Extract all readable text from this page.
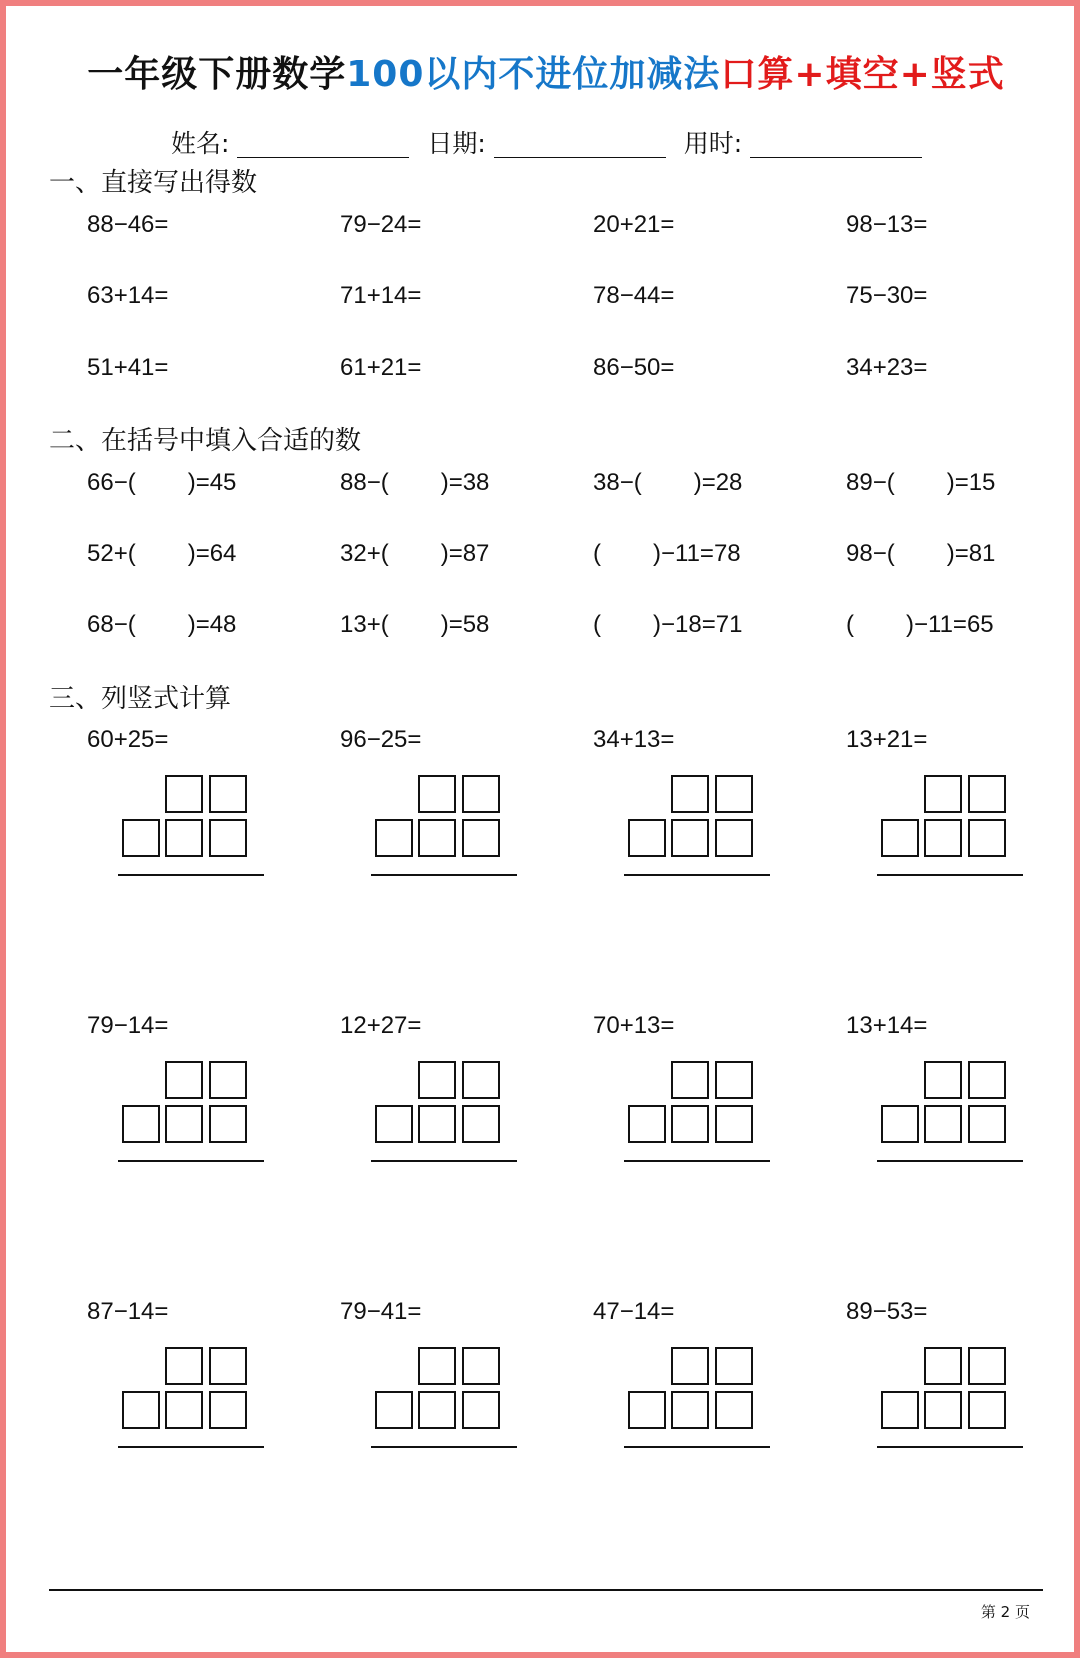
一年级下册数学100以内不进位加减法口算+填空+竖式
姓名:	日期:	用时:
一、直接写出得数
88−46=	79−24=	20+21=	98−13=
63+14=	71+14=	78−44=	75−30=
51+41=	61+21=	86−50=	34+23=
二、在括号中填入合适的数
66−( )=45	88−( )=38	38−( )=28	89−( )=15
52+( )=64	32+( )=87	( )−11=78	98−( )=81
68−( )=48	13+( )=58	( )−18=71	( )−11=65
三、列竖式计算
60+25=	96−25=	34+13=	13+21=
79−14=	12+27=	70+13=	13+14=
87−14=	79−41=	47−14=	89−53=
第 2 页
